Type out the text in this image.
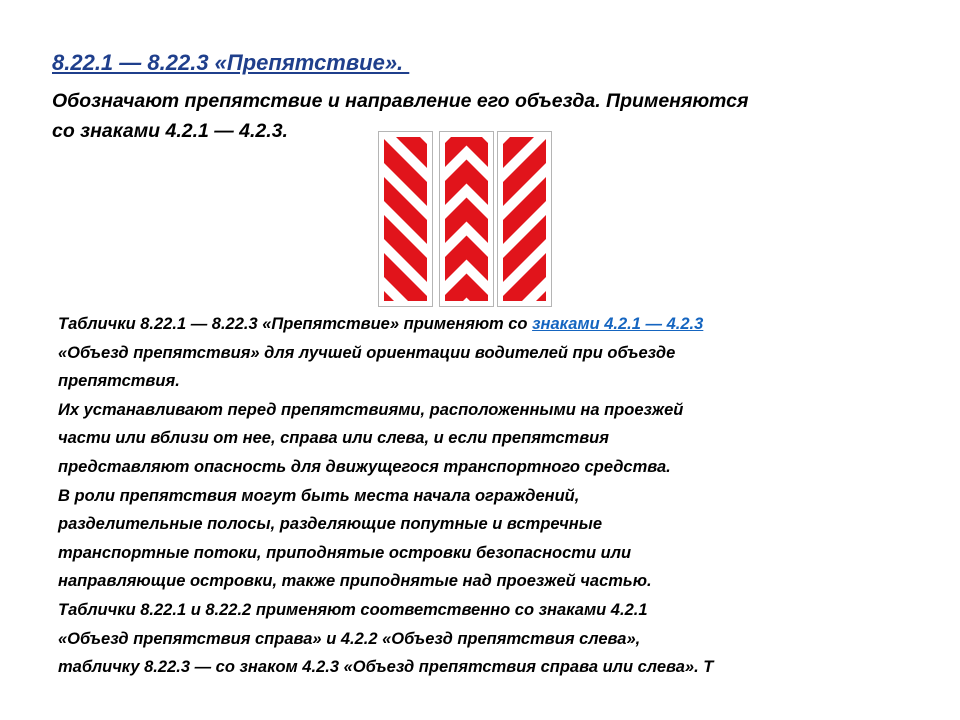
8.22.1 — 8.22.3 «Препятствие».
Обозначают препятствие и направление его объезда. Применяются
со знаками 4.2.1 — 4.2.3.

Таблички 8.22.1 — 8.22.3 «Препятствие» применяют со знаками 4.2.1 — 4.2.3

«Объезд препятствия» для лучшей ориентации водителей при объезде

препятствия.

Их устанавливают перед препятствиями, расположенными на проезжей

части или вблизи от нее, справа или слева, и если препятствия

представляют опасность для движущегося транспортного средства.

В роли препятствия могут быть места начала ограждений,

разделительные полосы, разделяющие попутные и встречные

транспортные потоки, приподнятые островки безопасности или

направляющие островки, также приподнятые над проезжей частью.

Таблички 8.22.1 и 8.22.2 применяют соответственно со знаками 4.2.1

«Объезд препятствия справа» и 4.2.2 «Объезд препятствия слева»,

табличку 8.22.3 — со знаком 4.2.3 «Объезд препятствия справа или слева». Т
